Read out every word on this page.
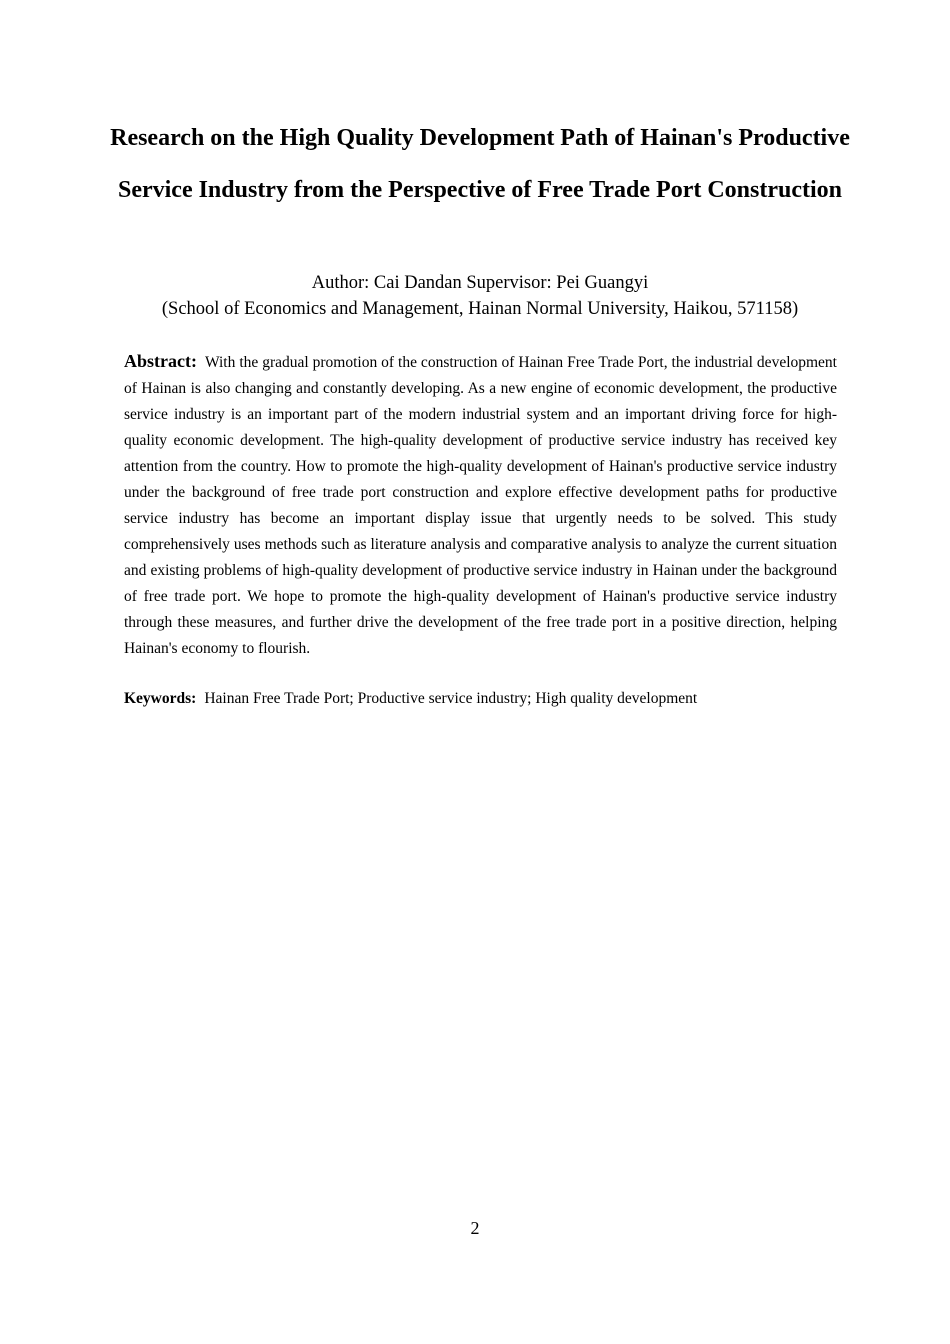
Research on the High Quality Development Path of Hainan's Productive Service Industry from the Perspective of Free Trade Port Construction

Author: Cai Dandan Supervisor: Pei Guangyi

(School of Economics and Management, Hainan Normal University, Haikou, 571158)

Abstract: With the gradual promotion of the construction of Hainan Free Trade Port, the industrial development of Hainan is also changing and constantly developing. As a new engine of economic development, the productive service industry is an important part of the modern industrial system and an important driving force for high-quality economic development. The high-quality development of productive service industry has received key attention from the country. How to promote the high-quality development of Hainan's productive service industry under the background of free trade port construction and explore effective development paths for productive service industry has become an important display issue that urgently needs to be solved. This study comprehensively uses methods such as literature analysis and comparative analysis to analyze the current situation and existing problems of high-quality development of productive service industry in Hainan under the background of free trade port. We hope to promote the high-quality development of Hainan's productive service industry through these measures, and further drive the development of the free trade port in a positive direction, helping Hainan's economy to flourish.

Keywords: Hainan Free Trade Port; Productive service industry; High quality development

2
